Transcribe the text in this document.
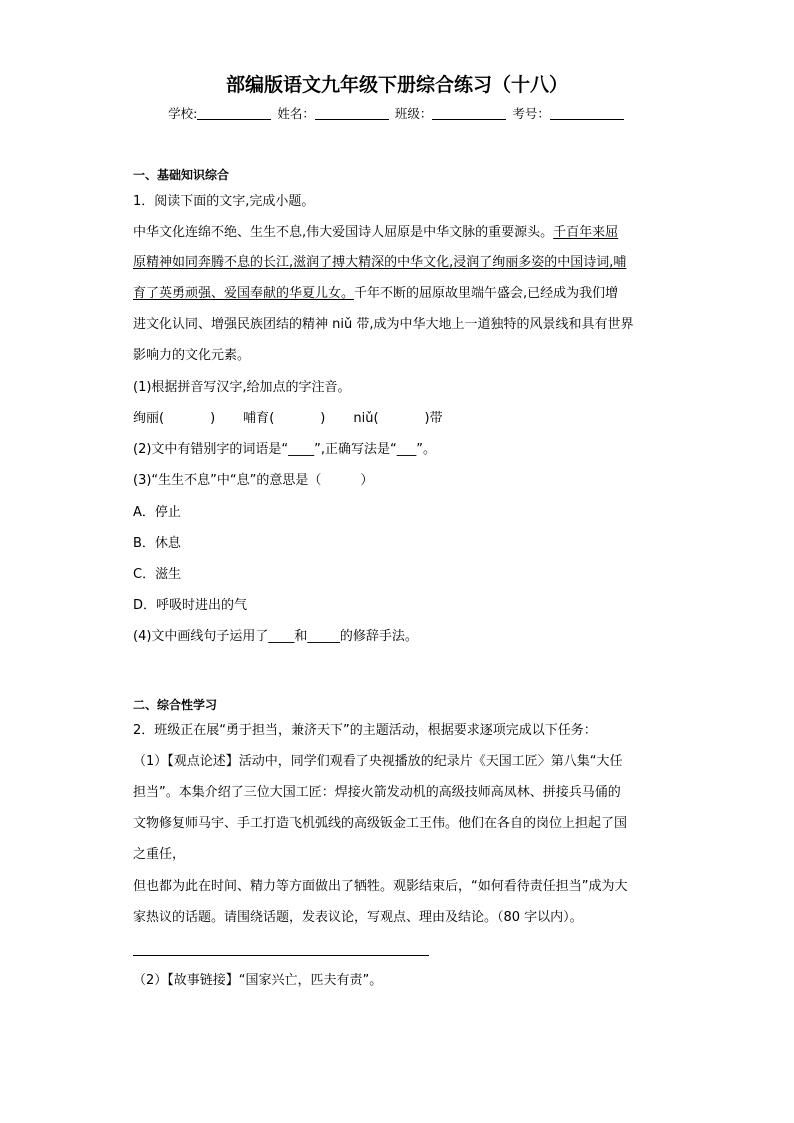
部编版语文九年级下册综合练习（十八）
学校:	姓名：	班级：	考号：
一、基础知识综合
1．阅读下面的文字,完成小题。
中华文化连绵不绝、生生不息,伟大爱国诗人屈原是中华文脉的重要源头。千百年来屈
原精神如同奔腾不息的长江,滋润了搏大精深的中华文化,浸润了绚丽多姿的中国诗词,哺
育了英勇顽强、爱国奉献的华夏儿女。千年不断的屈原故里端午盛会,已经成为我们增
进文化认同、增强民族团结的精神 niǔ 带,成为中华大地上一道独特的风景线和具有世界
影响力的文化元素。
(1)根据拼音写汉字,给加点的字注音。
绚丽(	) 哺育(	) niǔ(	)带
(2)文中有错别字的词语是“____”,正确写法是“___”。
(3)“生生不息”中“息”的意思是（　　　）
A．停止
B．休息
C．滋生
D．呼吸时进出的气
(4)文中画线句子运用了____和_____的修辞手法。
二、综合性学习
2．班级正在展“勇于担当，兼济天下”的主题活动，根据要求逐项完成以下任务：
（1）【观点论述】活动中，同学们观看了央视播放的纪录片《天国工匠〉第八集“大任
担当”。本集介绍了三位大国工匠：焊接火箭发动机的高级技师高凤林、拼接兵马俑的
文物修复师马宇、手工打造飞机弧线的高级钣金工王伟。他们在各自的岗位上担起了国
之重任，
但也都为此在时间、精力等方面做出了牺牲。观影结束后，“如何看待责任担当”成为大
家热议的话题。请围绕话题，发表议论，写观点、理由及结论。（80 字以内）。
（2）【故事链接】“国家兴亡，匹夫有责”。
